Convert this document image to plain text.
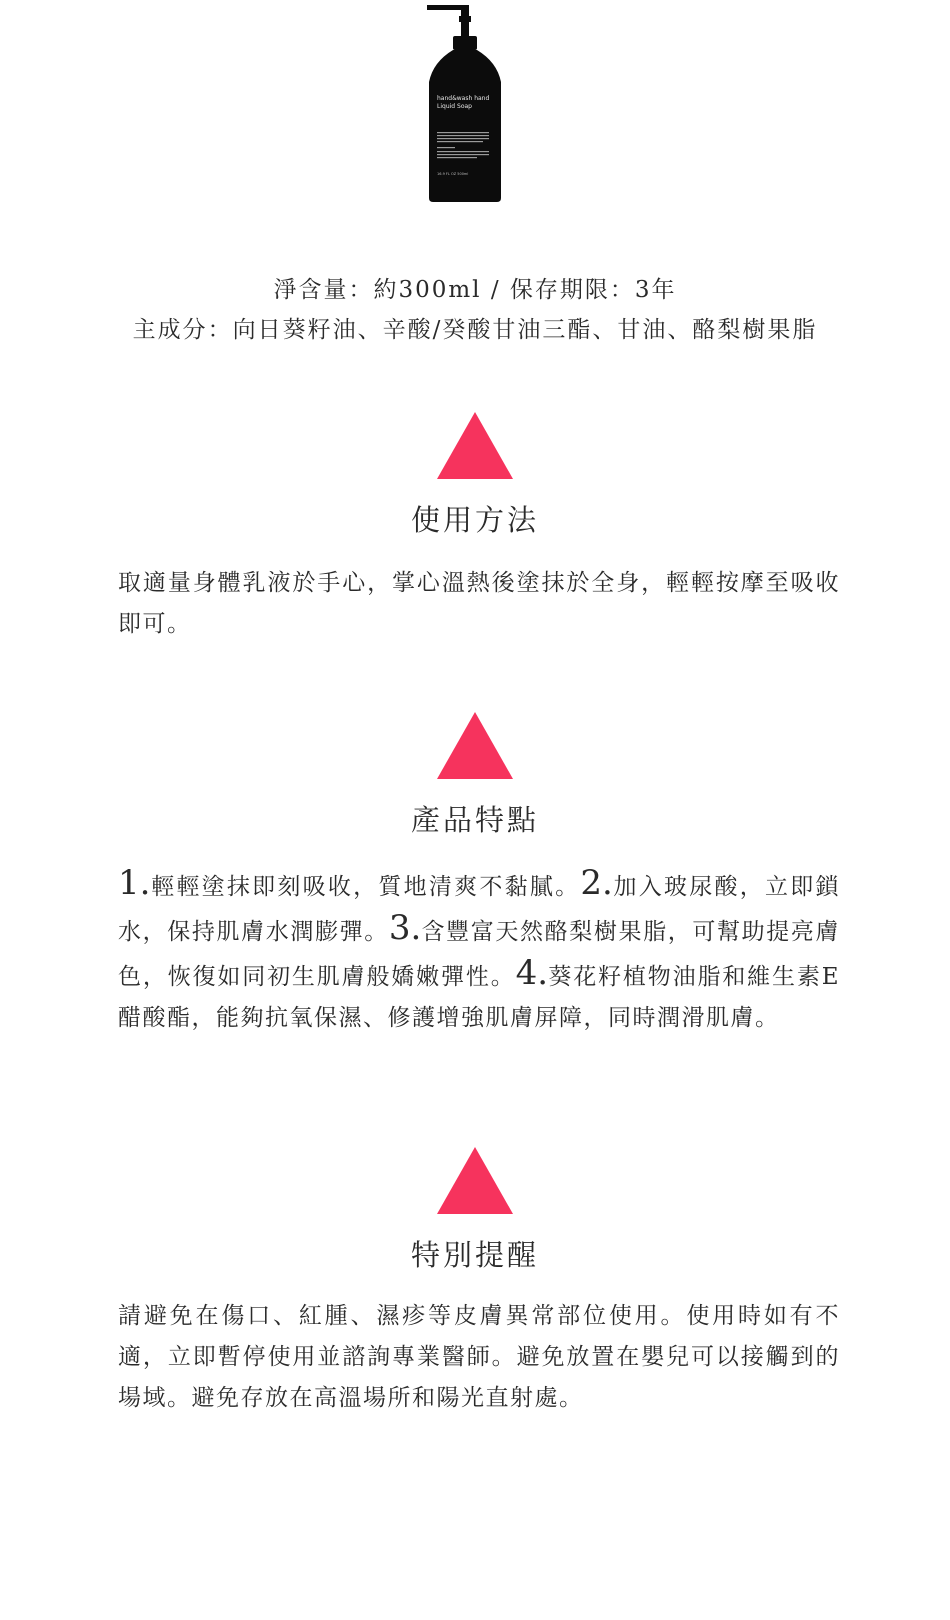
hand&wash hand
Liquid Soap
16.9 FL OZ 500ml
淨含量：約300ml / 保存期限：3年
主成分：向日葵籽油、辛酸/癸酸甘油三酯、甘油、酪梨樹果脂
使用方法
取適量身體乳液於手心，掌心溫熱後塗抹於全身，輕輕按摩至吸收即可。
產品特點
1.輕輕塗抹即刻吸收，質地清爽不黏膩。2.加入玻尿酸，立即鎖水，保持肌膚水潤膨彈。3.含豐富天然酪梨樹果脂，可幫助提亮膚色，恢復如同初生肌膚般嬌嫩彈性。4.葵花籽植物油脂和維生素E醋酸酯，能夠抗氧保濕、修護增強肌膚屏障，同時潤滑肌膚。
特別提醒
請避免在傷口、紅腫、濕疹等皮膚異常部位使用。使用時如有不適，立即暫停使用並諮詢專業醫師。避免放置在嬰兒可以接觸到的場域。避免存放在高溫場所和陽光直射處。
